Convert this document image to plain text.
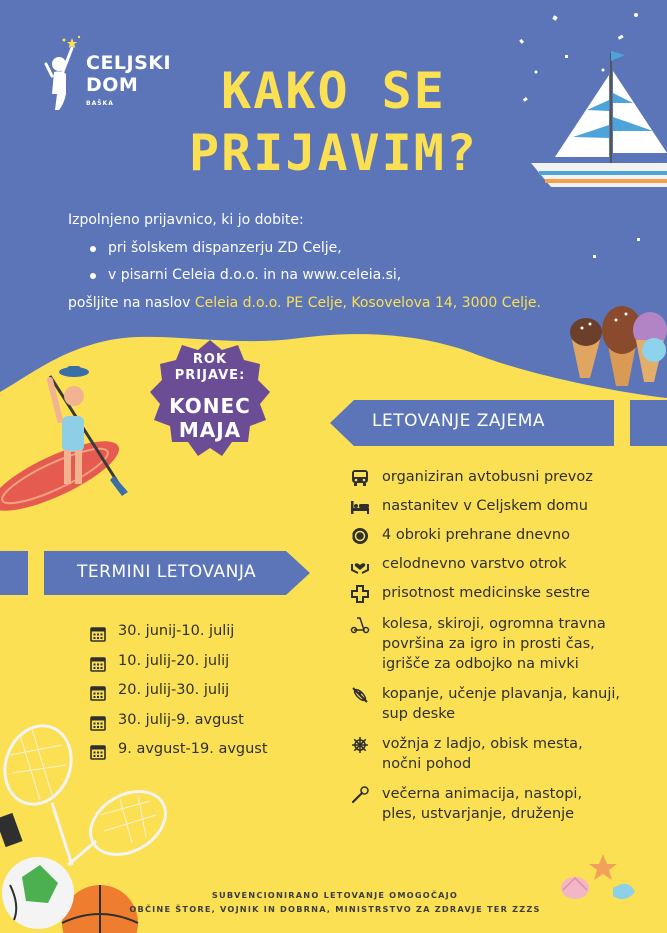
CELJSKI
DOM
BAŠKA	KAKO SE
PRIJAVIM?
Izpolnjeno prijavnico, ki jo dobite:
pri šolskem dispanzerju ZD Celje,
v pisarni Celeia d.o.o. in na www.celeia.si,
pošljite na naslov Celeia d.o.o. PE Celje, Kosovelova 14, 3000 Celje.
ROK
PRIJAVE:
KONEC
MAJA	LETOVANJE ZAJEMA
TERMINI LETOVANJA
organiziran avtobusni prevoz
nastanitev v Celjskem domu
4 obroki prehrane dnevno
celodnevno varstvo otrok
prisotnost medicinske sestre
kolesa, skiroji, ogromna travna
površina za igro in prosti čas,
igrišče za odbojko na mivki
kopanje, učenje plavanja, kanuji,
sup deske
vožnja z ladjo, obisk mesta,
nočni pohod
večerna animacija, nastopi,
ples, ustvarjanje, druženje
30. junij-10. julij
10. julij-20. julij
20. julij-30. julij
30. julij-9. avgust
9. avgust-19. avgust
SUBVENCIONIRANO LETOVANJE OMOGOČAJO
OBČINE ŠTORE, VOJNIK IN DOBRNA, MINISTRSTVO ZA ZDRAVJE TER ZZZS
